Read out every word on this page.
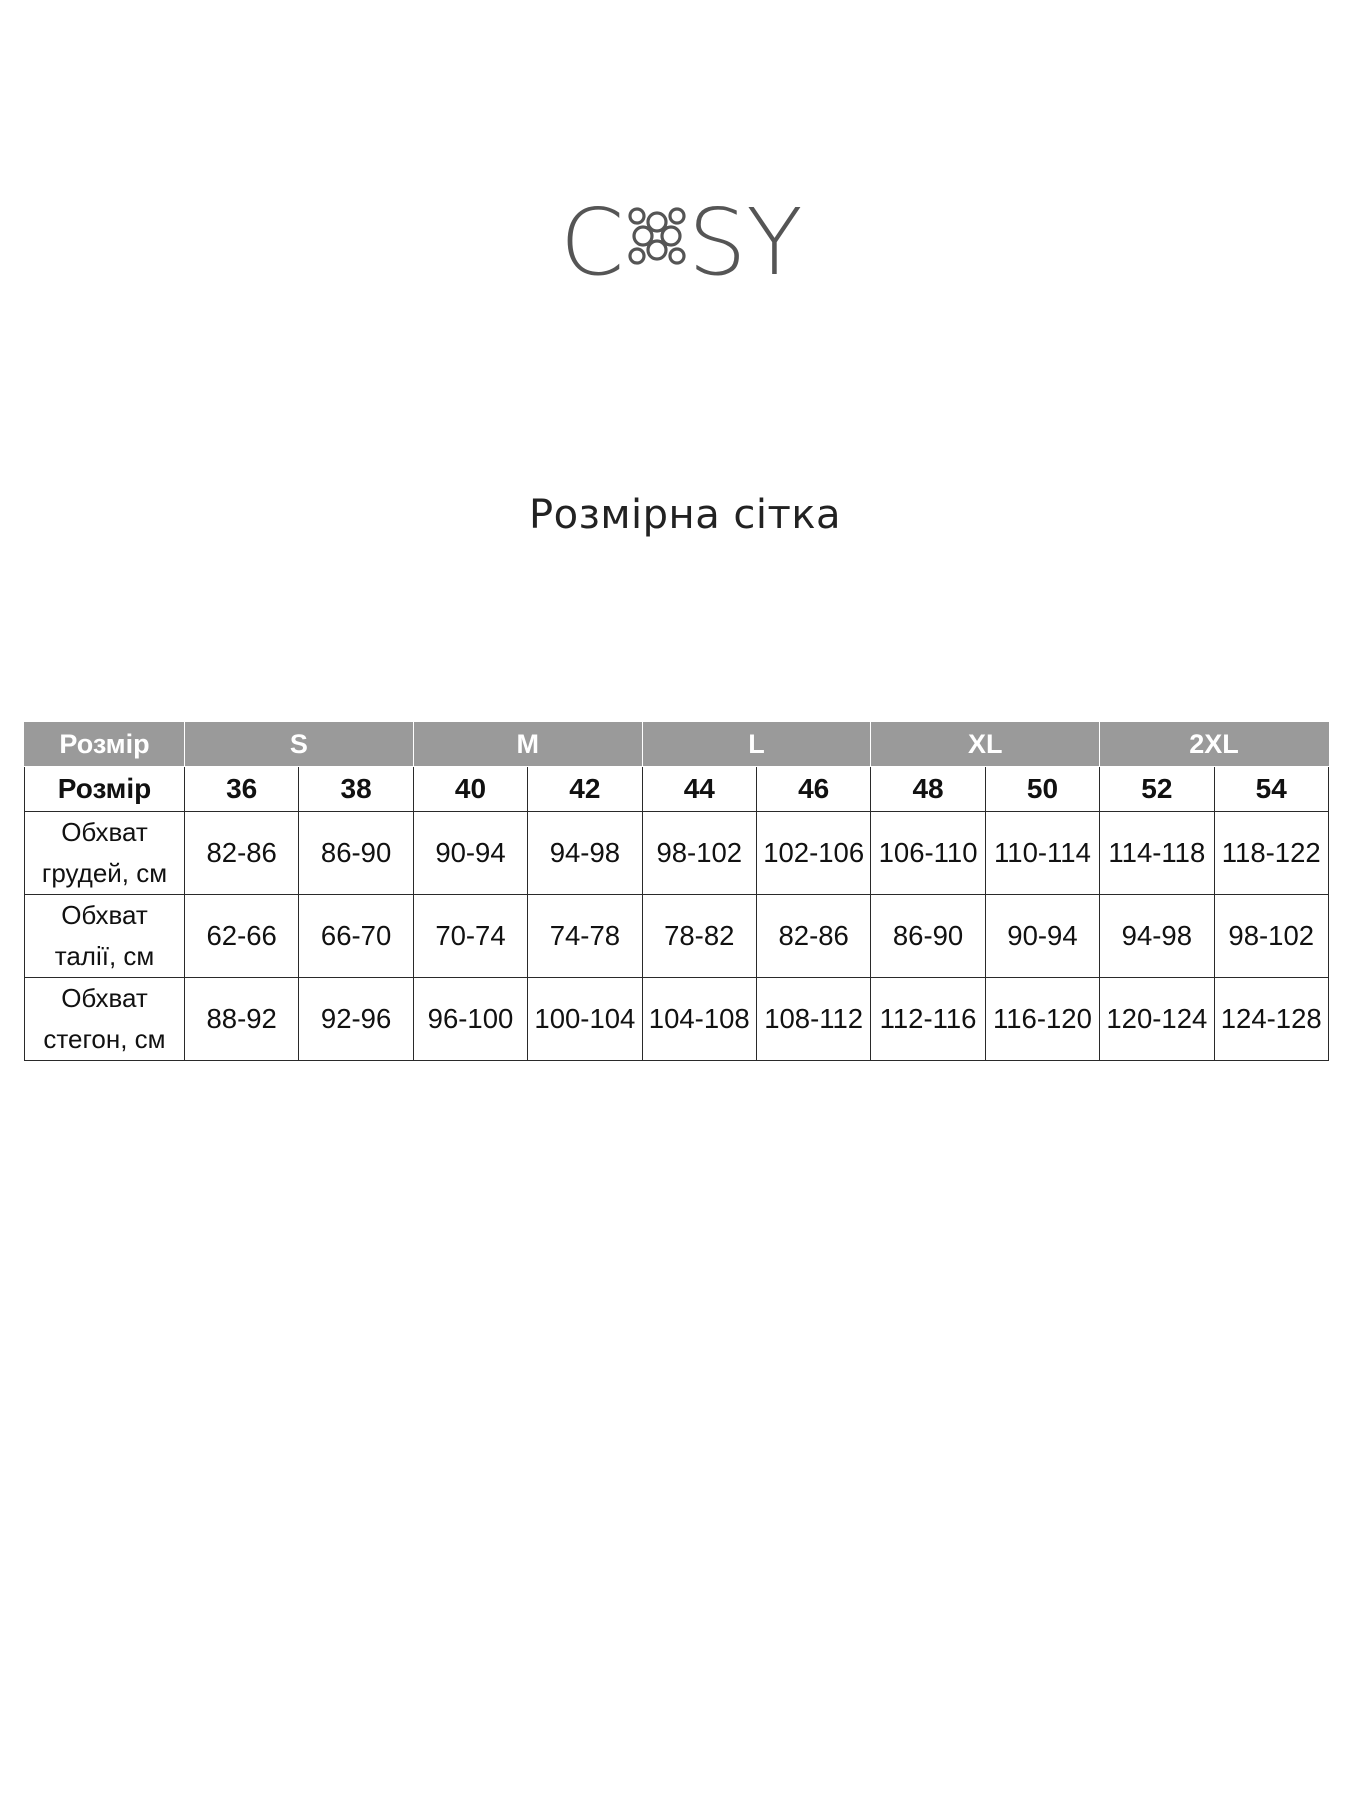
C SY
Розмірна сітка
Розмір	S		M		L		XL		2XL	
Розмір	36	38	40	42	44	46	48	50	52	54

Обхват
грудей, см	82-86	86-90	90-94	94-98	98-102	102-106	106-110	110-114	114-118	118-122

Обхват
талії, см	62-66	66-70	70-74	74-78	78-82	82-86	86-90	90-94	94-98	98-102

Обхват
стегон, см	88-92	92-96	96-100	100-104	104-108	108-112	112-116	116-120	120-124	124-128
